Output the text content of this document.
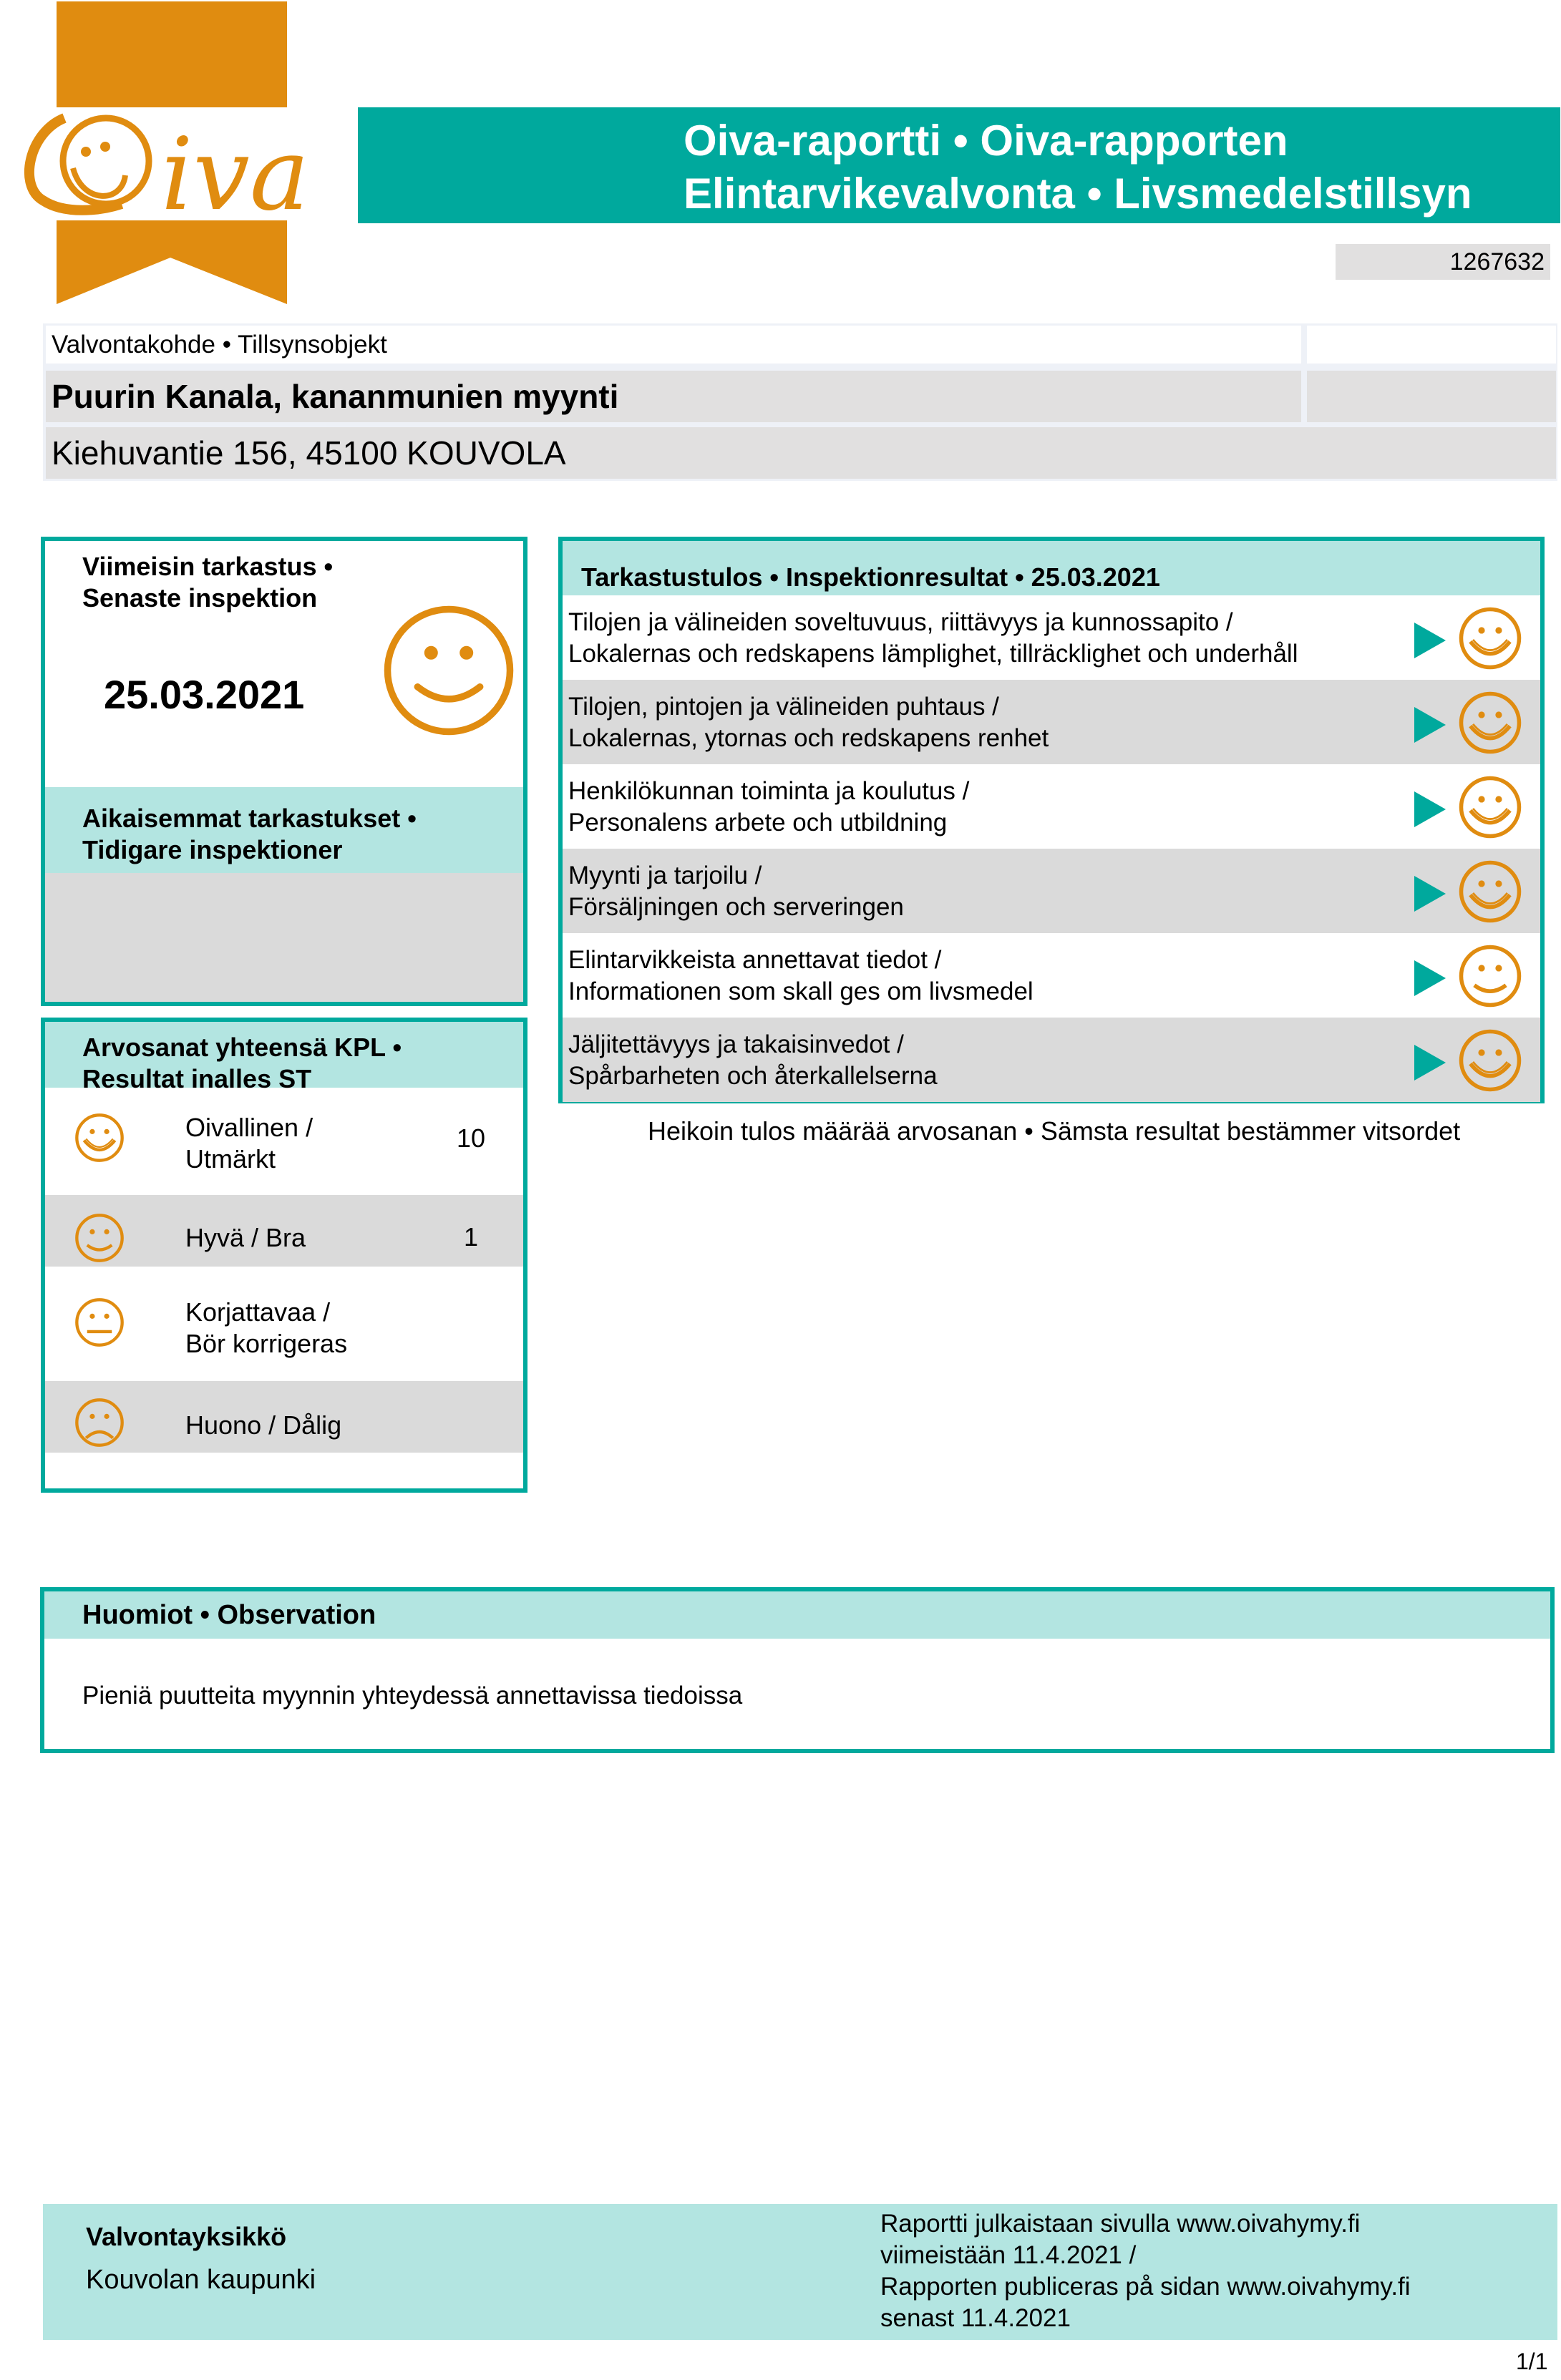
iva	Oiva-raportti • Oiva-rapporten
Elintarvikevalvonta • Livsmedelstillsyn
1267632
Valvontakohde • Tillsynsobjekt
Puurin Kanala, kananmunien myynti
Kiehuvantie 156, 45100 KOUVOLA
Viimeisin tarkastus •
Senaste inspektion
25.03.2021
Aikaisemmat tarkastukset •
Tidigare inspektioner
Arvosanat yhteensä KPL •
Resultat inalles ST
Oivallinen /
Utmärkt
10
Hyvä / Bra	1
Korjattavaa /
Bör korrigeras
Huono / Dålig
Tarkastustulos • Inspektionresultat • 25.03.2021
Tilojen ja välineiden soveltuvuus, riittävyys ja kunnossapito /
Lokalernas och redskapens lämplighet, tillräcklighet och underhåll
Tilojen, pintojen ja välineiden puhtaus /
Lokalernas, ytornas och redskapens renhet
Henkilökunnan toiminta ja koulutus /
Personalens arbete och utbildning
Myynti ja tarjoilu /
Försäljningen och serveringen
Elintarvikkeista annettavat tiedot /
Informationen som skall ges om livsmedel
Jäljitettävyys ja takaisinvedot /
Spårbarheten och återkallelserna
Heikoin tulos määrää arvosanan • Sämsta resultat bestämmer vitsordet
Huomiot • Observation
Pieniä puutteita myynnin yhteydessä annettavissa tiedoissa
Valvontayksikkö
Kouvolan kaupunki
Raportti julkaistaan sivulla www.oivahymy.fi
viimeistään 11.4.2021 /
Rapporten publiceras på sidan www.oivahymy.fi
senast 11.4.2021
1/1
